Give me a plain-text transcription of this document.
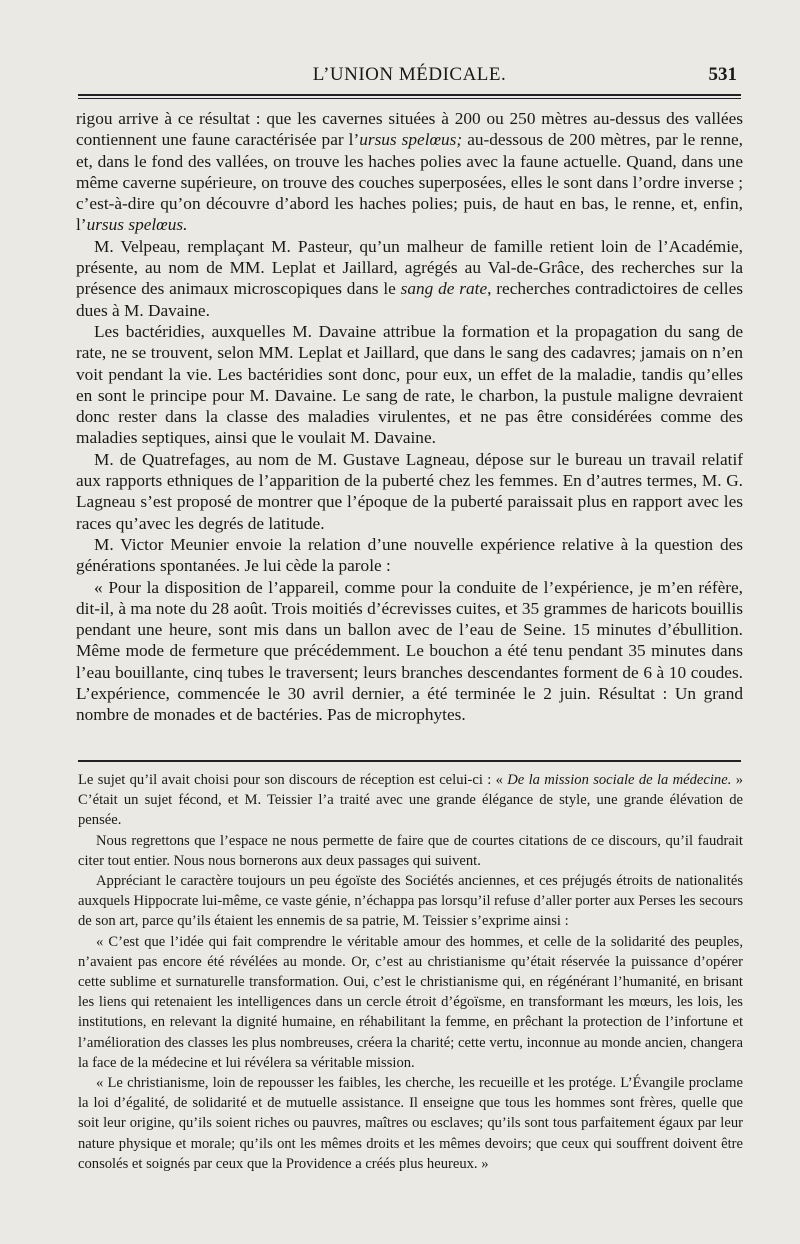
L’UNION MÉDICALE.	531

rigou arrive à ce résultat : que les cavernes situées à 200 ou 250 mètres au-dessus des vallées contiennent une faune caractérisée par l’ursus spelœus; au-dessous de 200 mètres, par le renne, et, dans le fond des vallées, on trouve les haches polies avec la faune actuelle. Quand, dans une même caverne supérieure, on trouve des couches superposées, elles le sont dans l’ordre inverse ; c’est-à-dire qu’on découvre d’abord les haches polies; puis, de haut en bas, le renne, et, enfin, l’ursus spelœus.

M. Velpeau, remplaçant M. Pasteur, qu’un malheur de famille retient loin de l’Académie, présente, au nom de MM. Leplat et Jaillard, agrégés au Val-de-Grâce, des recherches sur la présence des animaux microscopiques dans le sang de rate, recherches contradictoires de celles dues à M. Davaine.

Les bactéridies, auxquelles M. Davaine attribue la formation et la propagation du sang de rate, ne se trouvent, selon MM. Leplat et Jaillard, que dans le sang des cadavres; jamais on n’en voit pendant la vie. Les bactéridies sont donc, pour eux, un effet de la maladie, tandis qu’elles en sont le principe pour M. Davaine. Le sang de rate, le charbon, la pustule maligne devraient donc rester dans la classe des maladies virulentes, et ne pas être considérées comme des maladies septiques, ainsi que le voulait M. Davaine.

M. de Quatrefages, au nom de M. Gustave Lagneau, dépose sur le bureau un travail relatif aux rapports ethniques de l’apparition de la puberté chez les femmes. En d’autres termes, M. G. Lagneau s’est proposé de montrer que l’époque de la puberté paraissait plus en rapport avec les races qu’avec les degrés de latitude.

M. Victor Meunier envoie la relation d’une nouvelle expérience relative à la question des générations spontanées. Je lui cède la parole :

« Pour la disposition de l’appareil, comme pour la conduite de l’expérience, je m’en réfère, dit-il, à ma note du 28 août. Trois moitiés d’écrevisses cuites, et 35 grammes de haricots bouillis pendant une heure, sont mis dans un ballon avec de l’eau de Seine. 15 minutes d’ébullition. Même mode de fermeture que précédemment. Le bouchon a été tenu pendant 35 minutes dans l’eau bouillante, cinq tubes le traversent; leurs branches descendantes forment de 6 à 10 coudes. L’expérience, commencée le 30 avril dernier, a été terminée le 2 juin. Résultat : Un grand nombre de monades et de bactéries. Pas de microphytes.

Le sujet qu’il avait choisi pour son discours de réception est celui-ci : « De la mission sociale de la médecine. » C’était un sujet fécond, et M. Teissier l’a traité avec une grande élégance de style, une grande élévation de pensée.

Nous regrettons que l’espace ne nous permette de faire que de courtes citations de ce discours, qu’il faudrait citer tout entier. Nous nous bornerons aux deux passages qui suivent.

Appréciant le caractère toujours un peu égoïste des Sociétés anciennes, et ces préjugés étroits de nationalités auxquels Hippocrate lui-même, ce vaste génie, n’échappa pas lorsqu’il refuse d’aller porter aux Perses les secours de son art, parce qu’ils étaient les ennemis de sa patrie, M. Teissier s’exprime ainsi :

« C’est que l’idée qui fait comprendre le véritable amour des hommes, et celle de la solidarité des peuples, n’avaient pas encore été révélées au monde. Or, c’est au christianisme qu’était réservée la puissance d’opérer cette sublime et surnaturelle transformation. Oui, c’est le christianisme qui, en régénérant l’humanité, en brisant les liens qui retenaient les intelligences dans un cercle étroit d’égoïsme, en transformant les mœurs, les lois, les institutions, en relevant la dignité humaine, en réhabilitant la femme, en prêchant la protection de l’infortune et l’amélioration des classes les plus nombreuses, créera la charité; cette vertu, inconnue au monde ancien, changera la face de la médecine et lui révélera sa véritable mission.

« Le christianisme, loin de repousser les faibles, les cherche, les recueille et les protége. L’Évangile proclame la loi d’égalité, de solidarité et de mutuelle assistance. Il enseigne que tous les hommes sont frères, quelle que soit leur origine, qu’ils soient riches ou pauvres, maîtres ou esclaves; qu’ils sont tous parfaitement égaux par leur nature physique et morale; qu’ils ont les mêmes droits et les mêmes devoirs; que ceux qui souffrent doivent être consolés et soignés par ceux que la Providence a créés plus heureux. »
